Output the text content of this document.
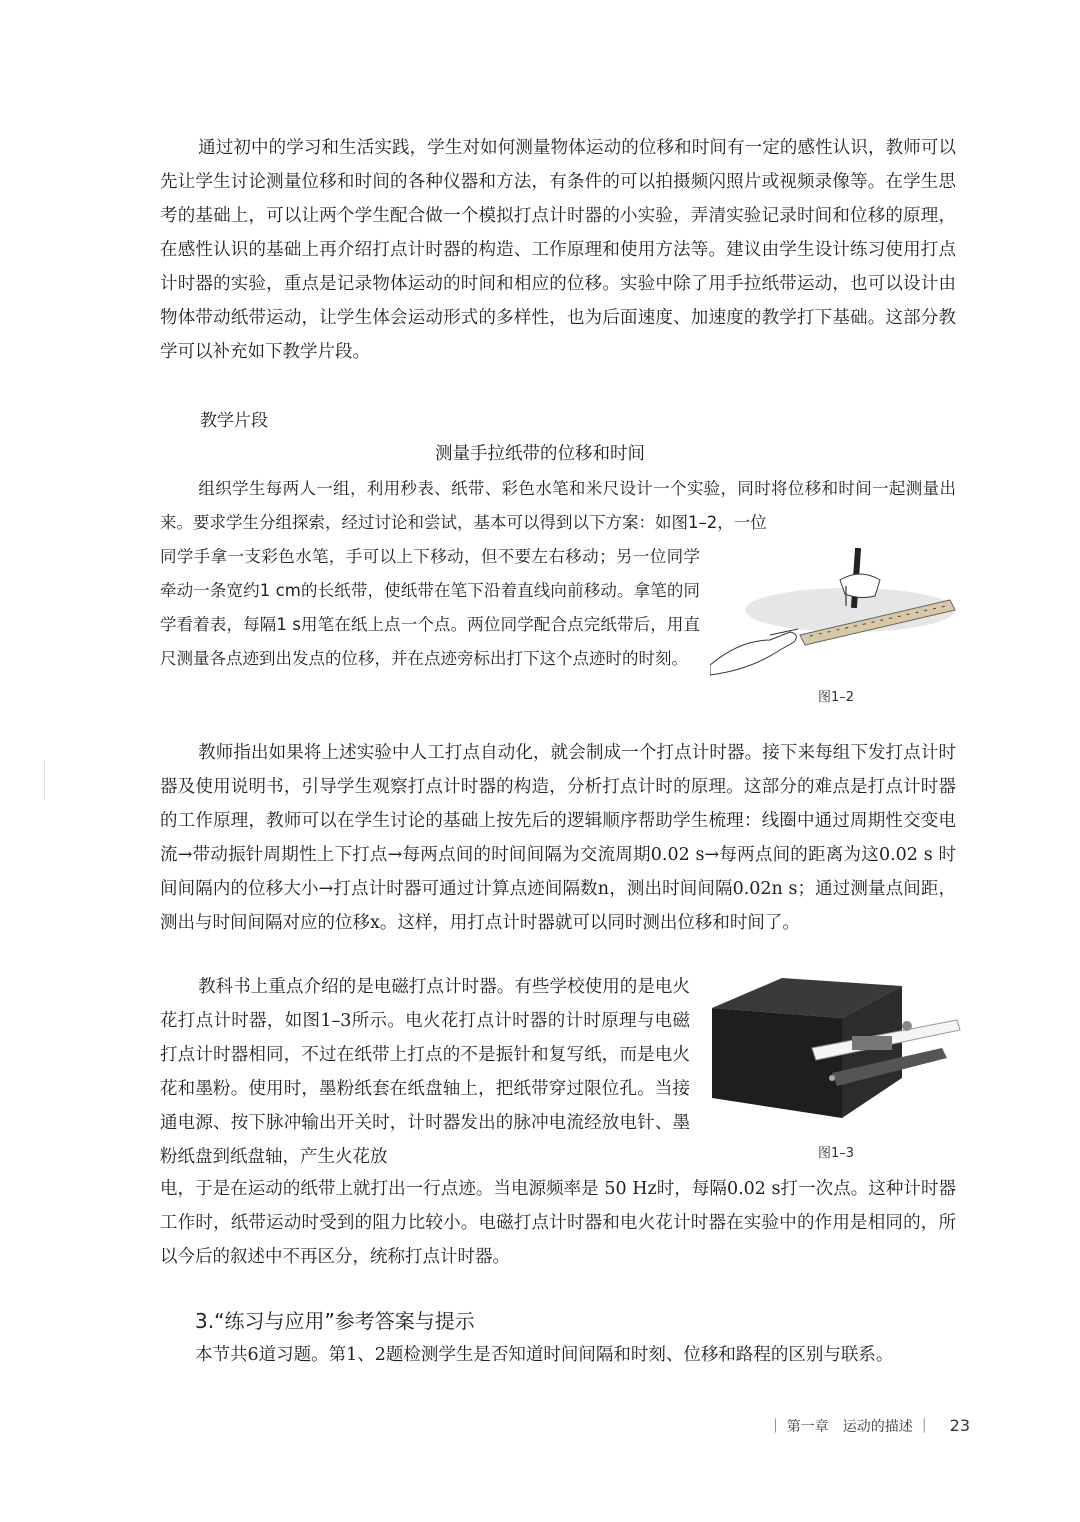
通过初中的学习和生活实践，学生对如何测量物体运动的位移和时间有一定的感性认识，教师可以先让学生讨论测量位移和时间的各种仪器和方法，有条件的可以拍摄频闪照片或视频录像等。在学生思考的基础上，可以让两个学生配合做一个模拟打点计时器的小实验，弄清实验记录时间和位移的原理，在感性认识的基础上再介绍打点计时器的构造、工作原理和使用方法等。建议由学生设计练习使用打点计时器的实验，重点是记录物体运动的时间和相应的位移。实验中除了用手拉纸带运动，也可以设计由物体带动纸带运动，让学生体会运动形式的多样性，也为后面速度、加速度的教学打下基础。这部分教学可以补充如下教学片段。

教学片段
测量手拉纸带的位移和时间

组织学生每两人一组，利用秒表、纸带、彩色水笔和米尺设计一个实验，同时将位移和时间一起测量出来。要求学生分组探索，经过讨论和尝试，基本可以得到以下方案：如图1–2，一位

同学手拿一支彩色水笔，手可以上下移动，但不要左右移动；另一位同学牵动一条宽约1 cm的长纸带，使纸带在笔下沿着直线向前移动。拿笔的同学看着表，每隔1 s用笔在纸上点一个点。两位同学配合点完纸带后，用直尺测量各点迹到出发点的位移，并在点迹旁标出打下这个点迹时的时刻。

图1–2

教师指出如果将上述实验中人工打点自动化，就会制成一个打点计时器。接下来每组下发打点计时器及使用说明书，引导学生观察打点计时器的构造，分析打点计时的原理。这部分的难点是打点计时器的工作原理，教师可以在学生讨论的基础上按先后的逻辑顺序帮助学生梳理：线圈中通过周期性交变电流→带动振针周期性上下打点→每两点间的时间间隔为交流周期0.02 s→每两点间的距离为这0.02 s 时间间隔内的位移大小→打点计时器可通过计算点迹间隔数n，测出时间间隔0.02n s；通过测量点间距，测出与时间间隔对应的位移x。这样，用打点计时器就可以同时测出位移和时间了。

教科书上重点介绍的是电磁打点计时器。有些学校使用的是电火花打点计时器，如图1–3所示。电火花打点计时器的计时原理与电磁打点计时器相同，不过在纸带上打点的不是振针和复写纸，而是电火花和墨粉。使用时，墨粉纸套在纸盘轴上，把纸带穿过限位孔。当接通电源、按下脉冲输出开关时，计时器发出的脉冲电流经放电针、墨粉纸盘到纸盘轴，产生火花放	图1–3

电，于是在运动的纸带上就打出一行点迹。当电源频率是 50 Hz时，每隔0.02 s打一次点。这种计时器工作时，纸带运动时受到的阻力比较小。电磁打点计时器和电火花计时器在实验中的作用是相同的，所以今后的叙述中不再区分，统称打点计时器。

3.“练习与应用”参考答案与提示

本节共6道习题。第1、2题检测学生是否知道时间间隔和时刻、位移和路程的区别与联系。

｜ 第一章　运动的描述 ｜ 23
